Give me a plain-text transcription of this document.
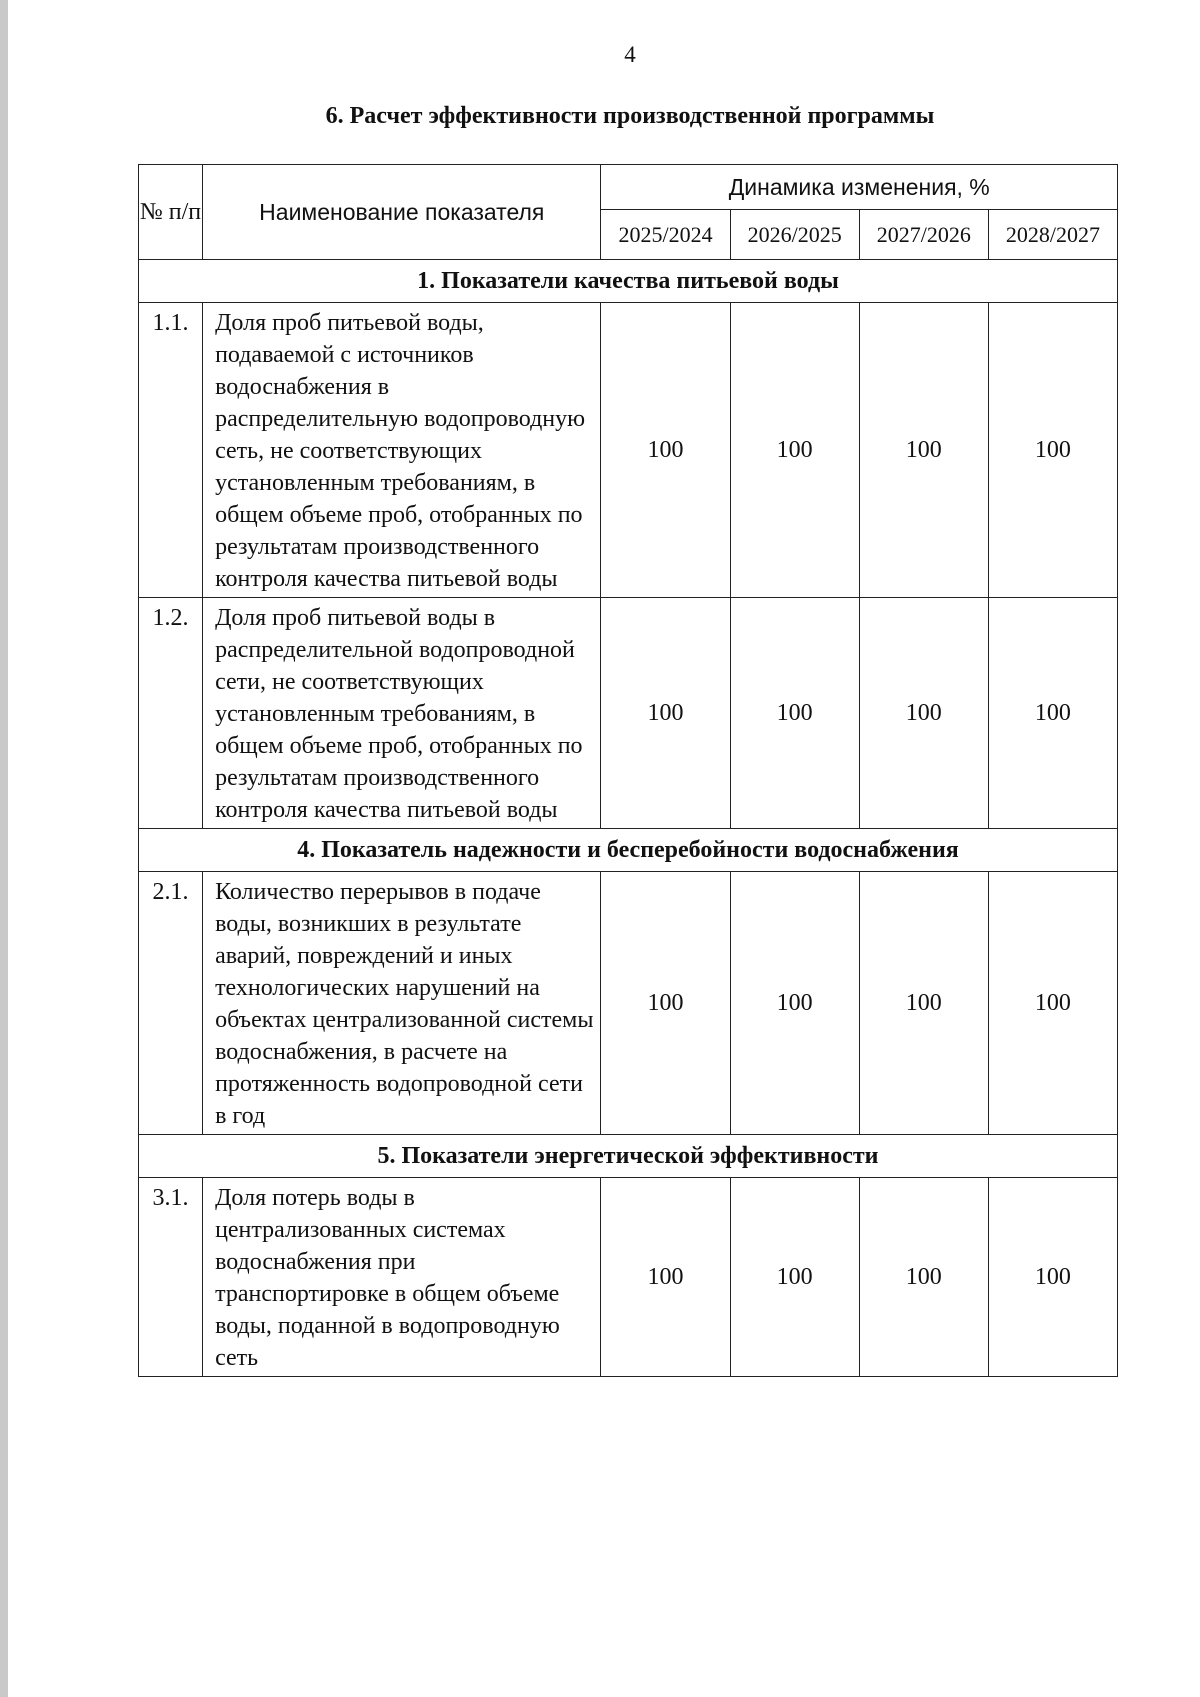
4
6. Расчет эффективности производственной программы
№ п/п	Наименование показателя	Динамика изменения, %			
		2025/2024	2026/2025	2027/2026	2028/2027
1. Показатели качества питьевой воды					
1.1.	Доля проб питьевой воды, подаваемой с источников водоснабжения в распределительную водопроводную сеть, не соответствующих установленным требованиям, в общем объеме проб, отобранных по результатам производственного контроля качества питьевой воды	100	100	100	100
1.2.	Доля проб питьевой воды в распределительной водопроводной сети, не соответствующих установленным требованиям, в общем объеме проб, отобранных по результатам производственного контроля качества питьевой воды	100	100	100	100
4. Показатель надежности и бесперебойности водоснабжения					
2.1.	Количество перерывов в подаче воды, возникших в результате аварий, повреждений и иных технологических нарушений на объектах централизованной системы водоснабжения, в расчете на протяженность водопроводной сети в год	100	100	100	100
5. Показатели энергетической эффективности					
3.1.	Доля потерь воды в централизованных системах водоснабжения при транспортировке в общем объеме воды, поданной в водопроводную сеть	100	100	100	100
